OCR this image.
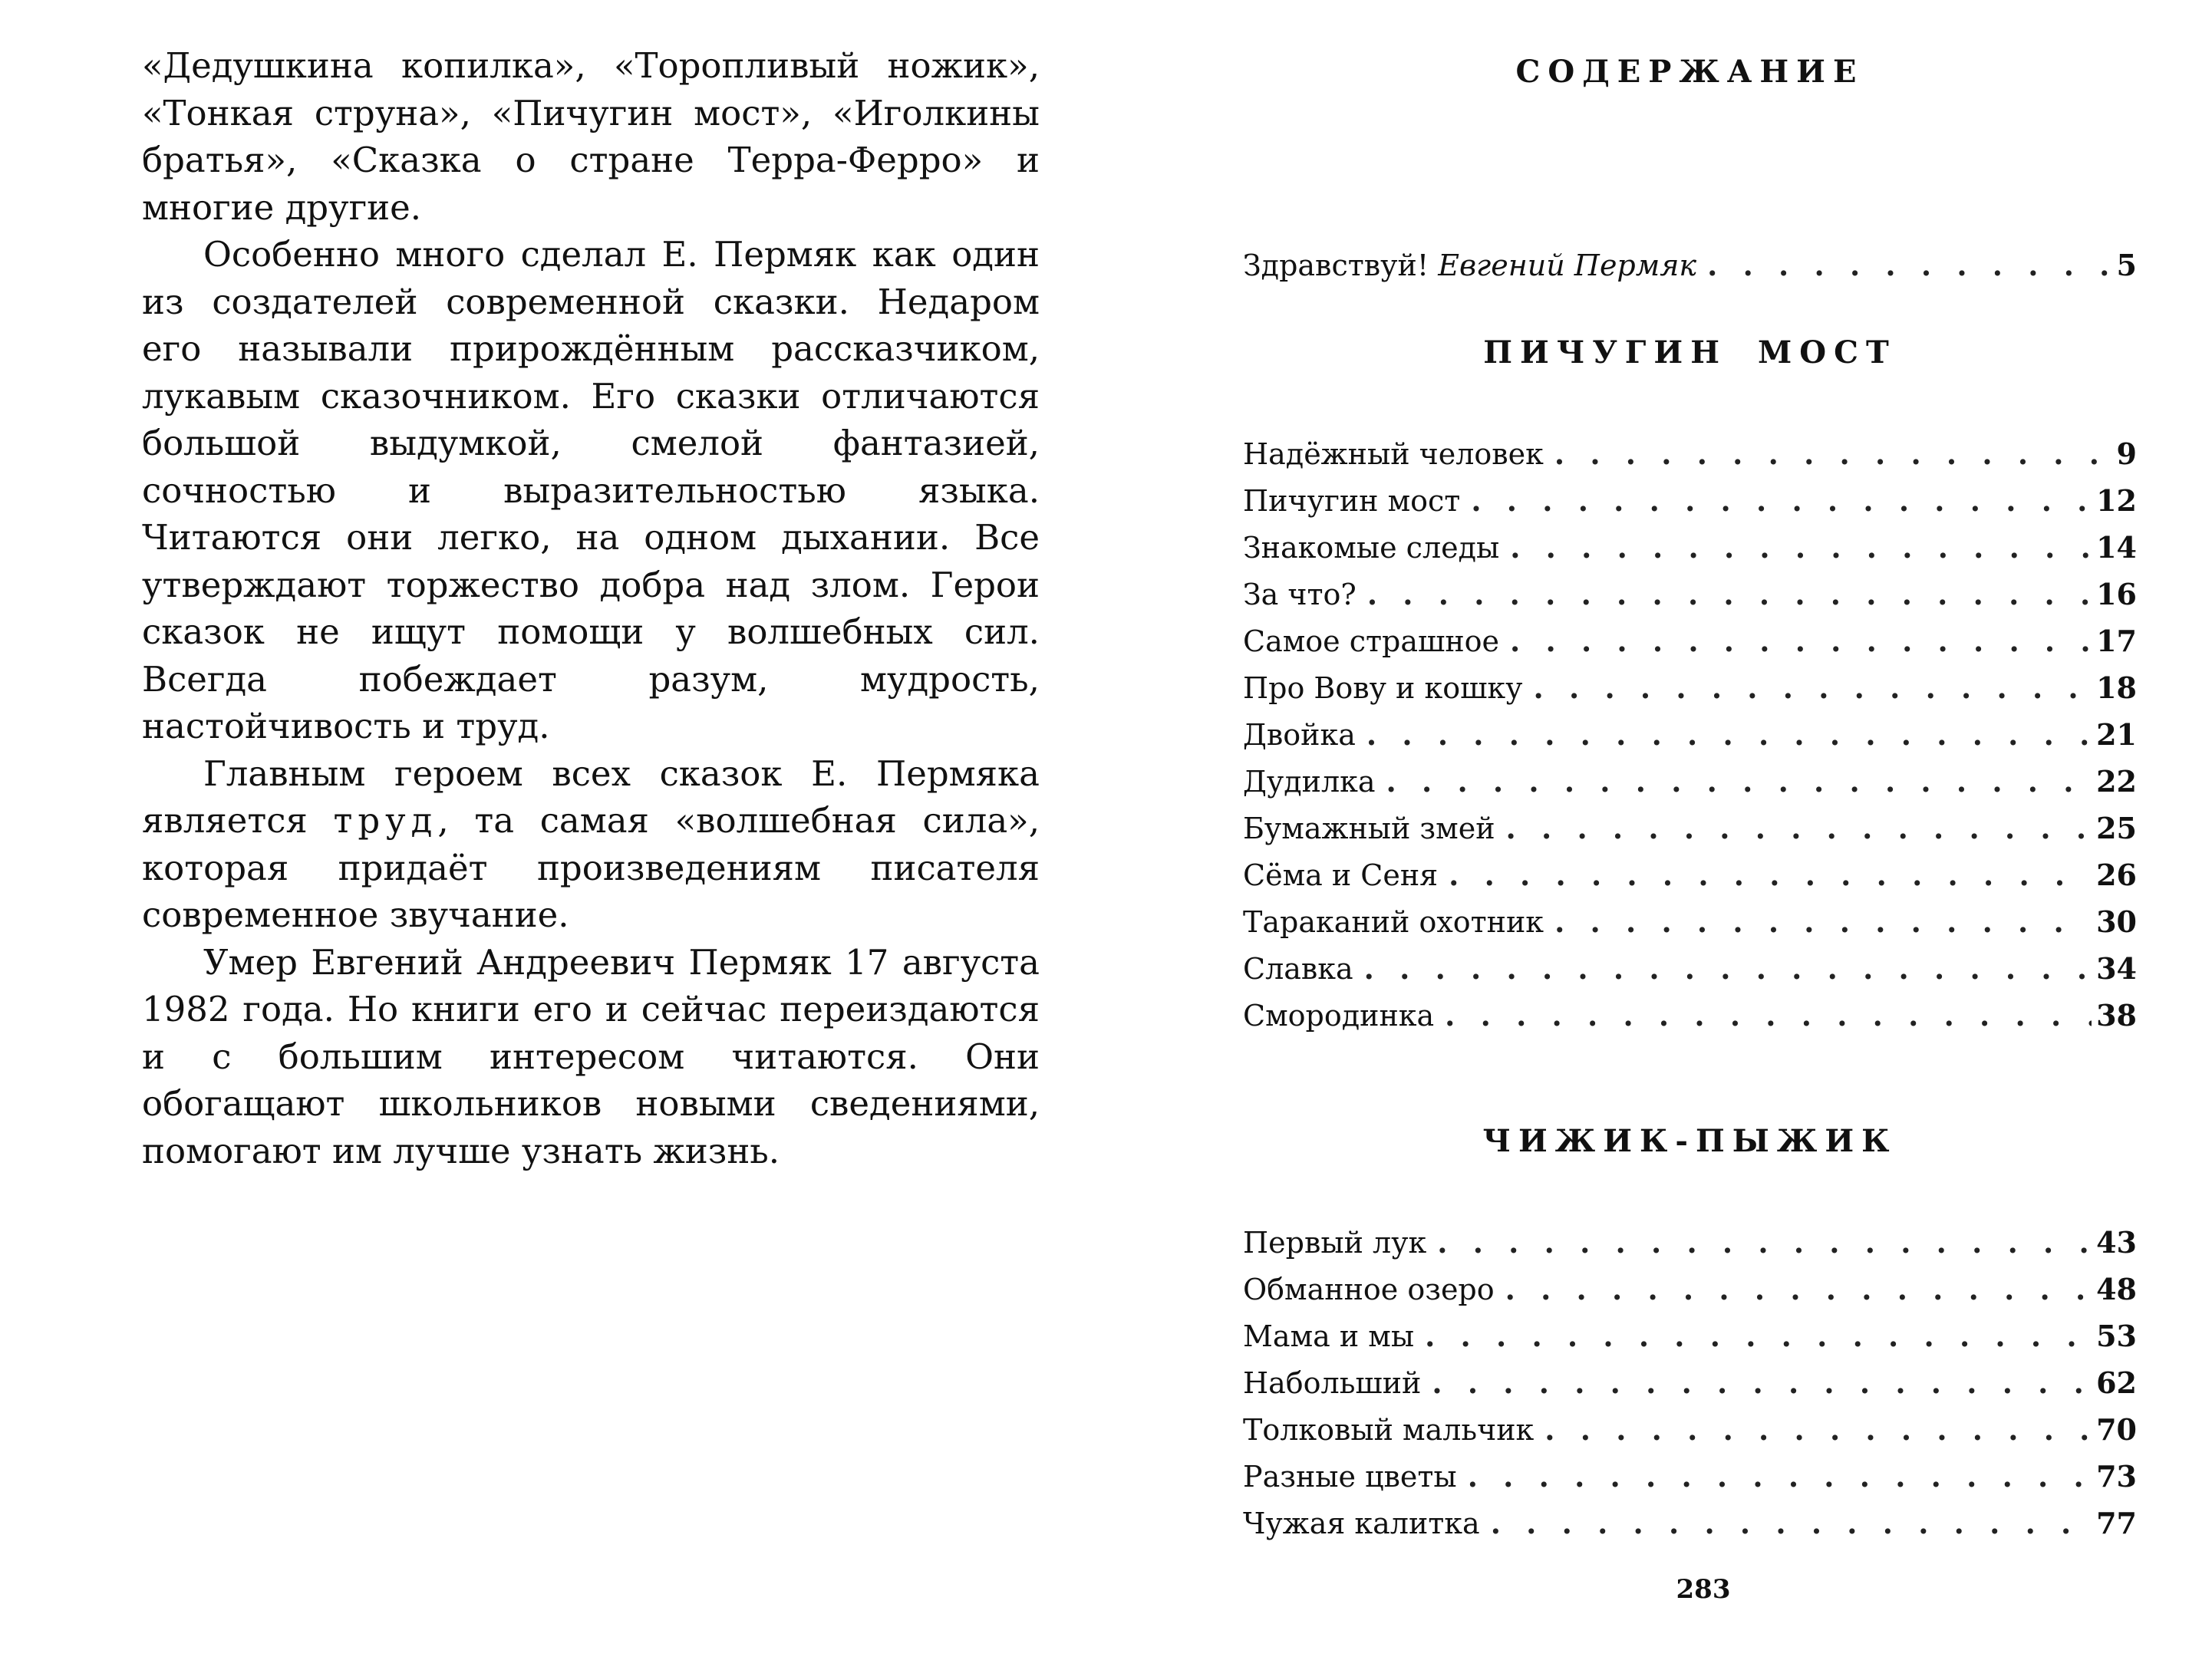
«Дедушкина копилка», «Торопливый ножик», «Тонкая струна», «Пичугин мост», «Иголкины братья», «Сказка о стране Терра-Ферро» и многие другие.

Особенно много сделал Е. Пермяк как один из создателей современной сказки. Недаром его называли прирождённым рассказчиком, лукавым сказочником. Его сказки отличаются большой выдумкой, смелой фантазией, сочностью и выразительностью языка. Читаются они легко, на одном дыхании. Все утверждают торжество добра над злом. Герои сказок не ищут помощи у волшебных сил. Всегда побеждает разум, мудрость, настойчивость и труд.

Главным героем всех сказок Е. Пермяка является труд, та самая «волшебная сила», которая придаёт произведениям писателя современное звучание.

Умер Евгений Андреевич Пермяк 17 августа 1982 года. Но книги его и сейчас переиздаются и с большим интересом читаются. Они обогащают школьников новыми сведениями, помогают им лучше узнать жизнь.

СОДЕРЖАНИЕ
Здравствуй! Евгений Пермяк . . .	5
ПИЧУГИН МОСТ
Надёжный человек . . .	9
Пичугин мост . . .	12
Знакомые следы . . .	14
За что? . . .	16
Самое страшное . . .	17
Про Вову и кошку . . .	18
Двойка . . .	21
Дудилка . . .	22
Бумажный змей . . .	25
Сёма и Сеня . . .	26
Тараканий охотник . . .	30
Славка . . .	34
Смородинка . . .	38
ЧИЖИК-ПЫЖИК
Первый лук . . .	43
Обманное озеро . . .	48
Мама и мы . . .	53
Набольший . . .	62
Толковый мальчик . . .	70
Разные цветы . . .	73
Чужая калитка . . .	77
283
